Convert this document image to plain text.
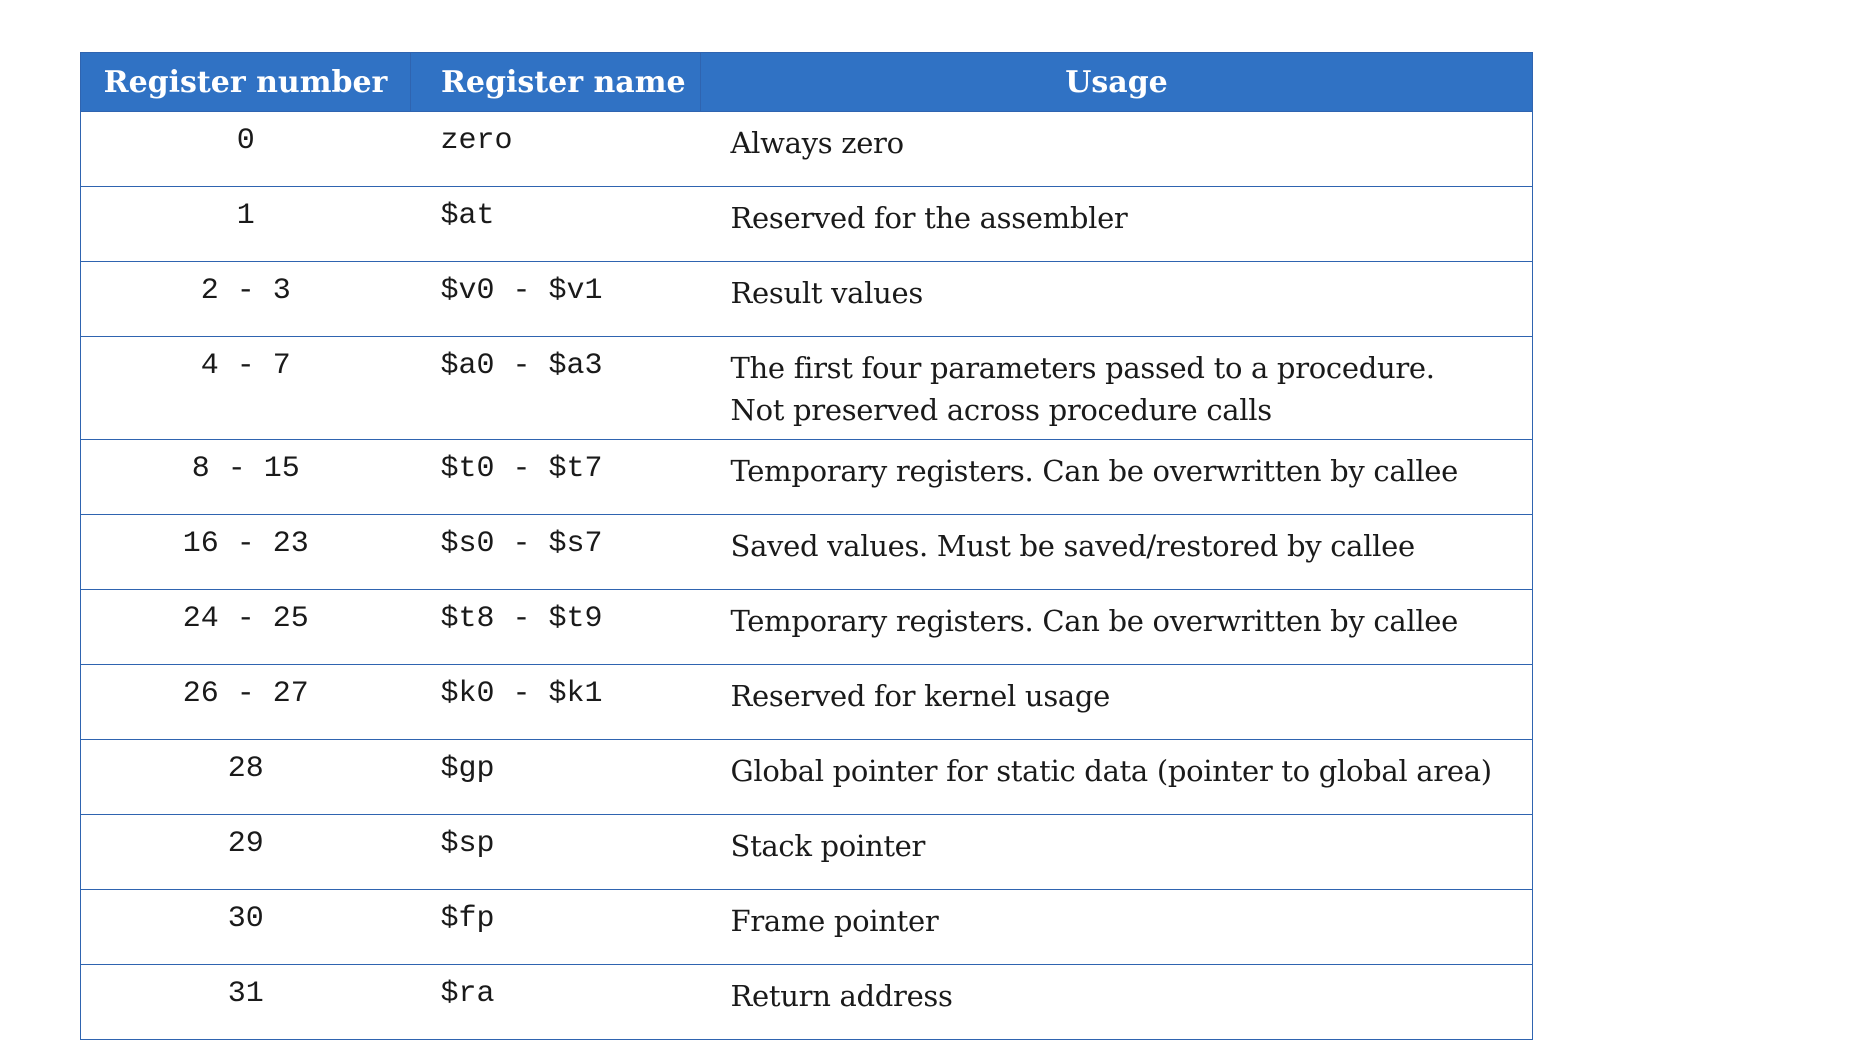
Register number	Register name	Usage
0	zero	Always zero

1	$at	Reserved for the assembler

2 - 3	$v0 - $v1	Result values

4 - 7	$a0 - $a3	The first four parameters passed to a procedure.
Not preserved across procedure calls

8 - 15	$t0 - $t7	Temporary registers. Can be overwritten by callee

16 - 23	$s0 - $s7	Saved values. Must be saved/restored by callee

24 - 25	$t8 - $t9	Temporary registers. Can be overwritten by callee

26 - 27	$k0 - $k1	Reserved for kernel usage

28	$gp	Global pointer for static data (pointer to global area)

29	$sp	Stack pointer

30	$fp	Frame pointer

31	$ra	Return address
